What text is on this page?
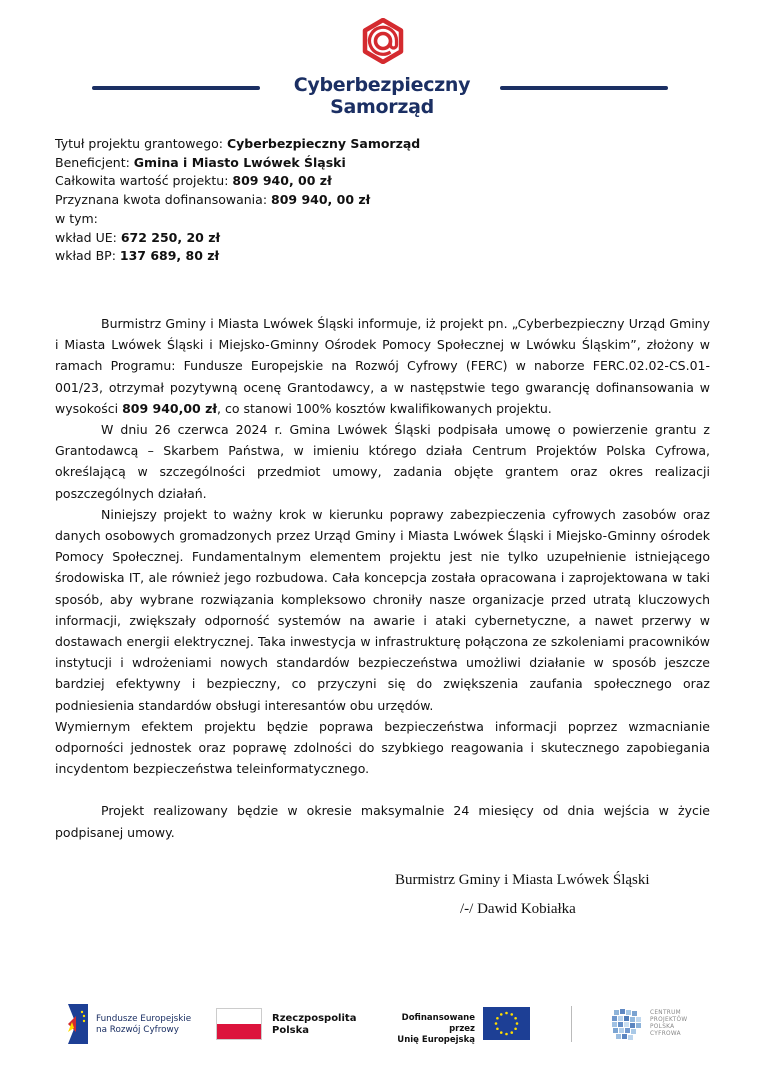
Cyberbezpieczny
Samorząd
Tytuł projektu grantowego: Cyberbezpieczny Samorząd
Beneficjent: Gmina i Miasto Lwówek Śląski
Całkowita wartość projektu: 809 940, 00 zł
Przyznana kwota dofinansowania: 809 940, 00 zł
w tym:
wkład UE: 672 250, 20 zł
wkład BP: 137 689, 80 zł

Burmistrz Gminy i Miasta Lwówek Śląski informuje, iż projekt pn. „Cyberbezpieczny Urząd Gminy i Miasta Lwówek Śląski i Miejsko-Gminny Ośrodek Pomocy Społecznej w Lwówku Śląskim”, złożony w ramach Programu: Fundusze Europejskie na Rozwój Cyfrowy (FERC) w naborze FERC.02.02-CS.01-001/23, otrzymał pozytywną ocenę Grantodawcy, a w następstwie tego gwarancję dofinansowania w wysokości 809 940,00 zł, co stanowi 100% kosztów kwalifikowanych projektu.

W dniu 26 czerwca 2024 r. Gmina Lwówek Śląski podpisała umowę o powierzenie grantu z Grantodawcą – Skarbem Państwa, w imieniu którego działa Centrum Projektów Polska Cyfrowa, określającą w szczególności przedmiot umowy, zadania objęte grantem oraz okres realizacji poszczególnych działań.

Niniejszy projekt to ważny krok w kierunku poprawy zabezpieczenia cyfrowych zasobów oraz danych osobowych gromadzonych przez Urząd Gminy i Miasta Lwówek Śląski i Miejsko-Gminny ośrodek Pomocy Społecznej. Fundamentalnym elementem projektu jest nie tylko uzupełnienie istniejącego środowiska IT, ale również jego rozbudowa. Cała koncepcja została opracowana i zaprojektowana w taki sposób, aby wybrane rozwiązania kompleksowo chroniły nasze organizacje przed utratą kluczowych informacji, zwiększały odporność systemów na awarie i ataki cybernetyczne, a nawet przerwy w dostawach energii elektrycznej. Taka inwestycja w infrastrukturę połączona ze szkoleniami pracowników instytucji i wdrożeniami nowych standardów bezpieczeństwa umożliwi działanie w sposób jeszcze bardziej efektywny i bezpieczny, co przyczyni się do zwiększenia zaufania społecznego oraz podniesienia standardów obsługi interesantów obu urzędów.

Wymiernym efektem projektu będzie poprawa bezpieczeństwa informacji poprzez wzmacnianie odporności jednostek oraz poprawę zdolności do szybkiego reagowania i skutecznego zapobiegania incydentom bezpieczeństwa teleinformatycznego.

Projekt realizowany będzie w okresie maksymalnie 24 miesięcy od dnia wejścia w życie podpisanej umowy.

Burmistrz Gminy i Miasta Lwówek Śląski
/-/ Dawid Kobiałka
Fundusze Europejskie
na Rozwój Cyfrowy
Rzeczpospolita
Polska
Dofinansowane przez
Unię Europejską
CENTRUM
PROJEKTÓW
POLSKA
CYFROWA
